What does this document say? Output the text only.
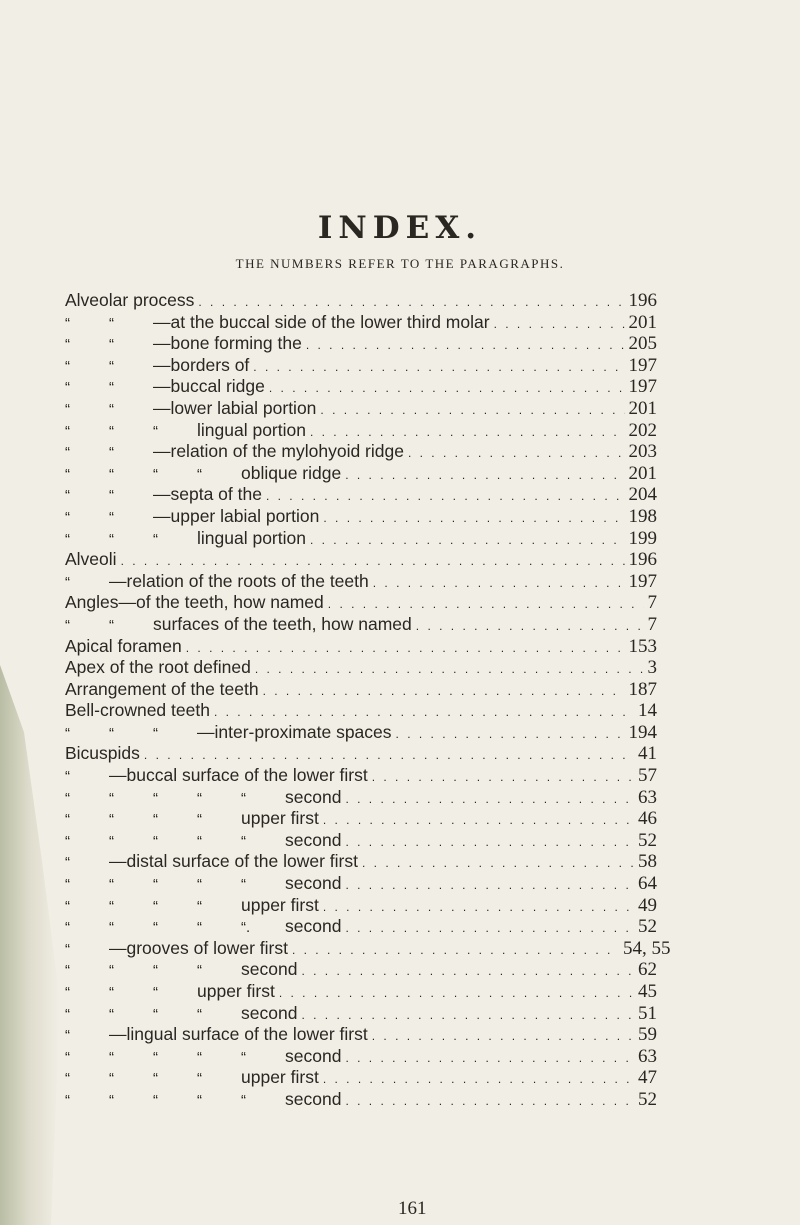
INDEX.
THE NUMBERS REFER TO THE PARAGRAPHS.
Alveolar process . . .	196
“	“ —at the buccal side of the lower third molar . . .	201
“	“ —bone forming the . . .	205
“	“ —borders of . . .	197
“	“ —buccal ridge . . .	197
“	“ —lower labial portion . . .	201
“	“	“ lingual portion . . .	202
“	“ —relation of the mylohyoid ridge . . .	203
“	“	“	“ oblique ridge . . .	201
“	“ —septa of the . . .	204
“	“ —upper labial portion . . .	198
“	“	“ lingual portion . . .	199
Alveoli . . .	196
“ —relation of the roots of the teeth . . .	197
Angles—of the teeth, how named . . .	7
“	“ surfaces of the teeth, how named . . .	7
Apical foramen . . .	153
Apex of the root defined . . .	3
Arrangement of the teeth . . .	187
Bell-crowned teeth . . .	14
“	“	“ —inter-proximate spaces . . .	194
Bicuspids . . .	41
“ —buccal surface of the lower first . . .	57
“	“	“	“	“ second . . .	63
“	“	“	“ upper first . . .	46
“	“	“	“	“ second . . .	52
“ —distal surface of the lower first . . .	58
“	“	“	“	“ second . . .	64
“	“	“	“ upper first . . .	49
“	“	“	“	“. second . . .	52
“ —grooves of lower first . . .	54, 55
“	“	“	“ second . . .	62
“	“	“ upper first . . .	45
“	“	“	“ second . . .	51
“ —lingual surface of the lower first . . .	59
“	“	“	“	“ second . . .	63
“	“	“	“ upper first . . .	47
“	“	“	“	“ second . . .	52
161
